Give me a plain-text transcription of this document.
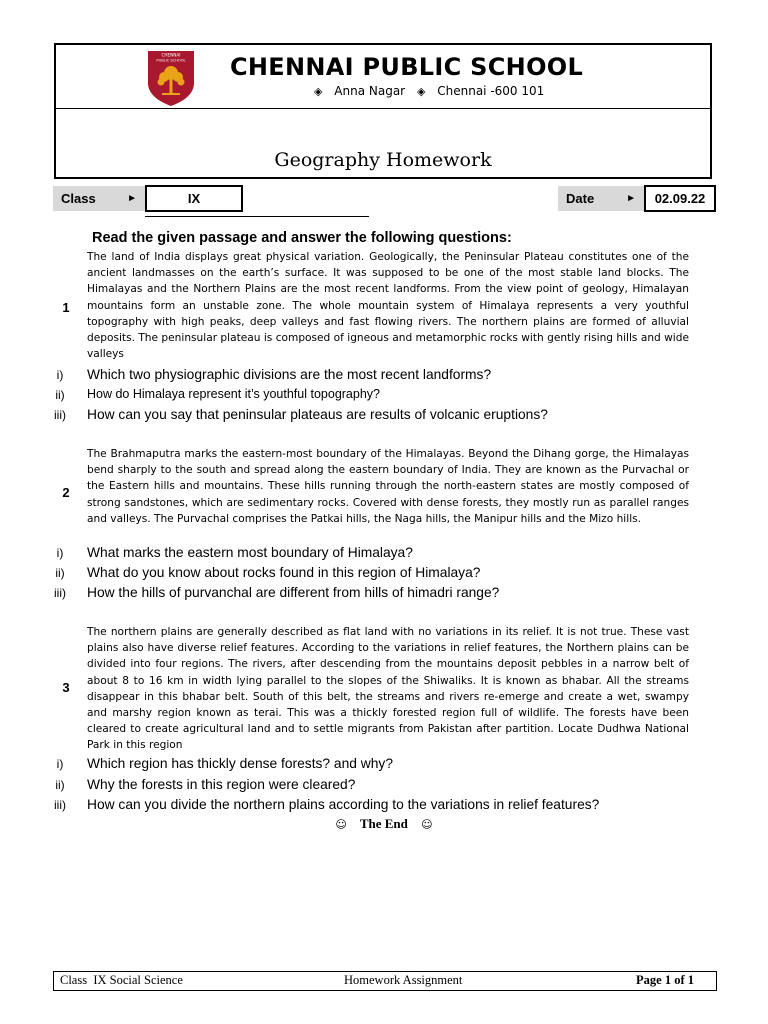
CHENNAI
PUBLIC SCHOOL CHENNAI PUBLIC SCHOOL
◈ Anna Nagar ◈ Chennai -600 101
Geography Homework
Class	►	IX	Date	►	02.09.22
Read the given passage and answer the following questions:
1
The land of India displays great physical variation. Geologically, the Peninsular Plateau constitutes one of the ancient landmasses on the earth’s surface. It was supposed to be one of the most stable land blocks. The Himalayas and the Northern Plains are the most recent landforms. From the view point of geology, Himalayan mountains form an unstable zone. The whole mountain system of Himalaya represents a very youthful topography with high peaks, deep valleys and fast flowing rivers. The northern plains are formed of alluvial deposits. The peninsular plateau is composed of igneous and metamorphic rocks with gently rising hills and wide valleys
i)	Which two physiographic divisions are the most recent landforms?
ii)	How do Himalaya represent it’s youthful topography?
iii)	How can you say that peninsular plateaus are results of volcanic eruptions?
2
The Brahmaputra marks the eastern-most boundary of the Himalayas. Beyond the Dihang gorge, the Himalayas bend sharply to the south and spread along the eastern boundary of India. They are known as the Purvachal or the Eastern hills and mountains. These hills running through the north-eastern states are mostly composed of strong sandstones, which are sedimentary rocks. Covered with dense forests, they mostly run as parallel ranges and valleys. The Purvachal comprises the Patkai hills, the Naga hills, the Manipur hills and the Mizo hills.
i)	What marks the eastern most boundary of Himalaya?
ii)	What do you know about rocks found in this region of Himalaya?
iii)	How the hills of purvanchal are different from hills of himadri range?
3
The northern plains are generally described as flat land with no variations in its relief. It is not true. These vast plains also have diverse relief features. According to the variations in relief features, the Northern plains can be divided into four regions. The rivers, after descending from the mountains deposit pebbles in a narrow belt of about 8 to 16 km in width lying parallel to the slopes of the Shiwaliks. It is known as bhabar. All the streams disappear in this bhabar belt. South of this belt, the streams and rivers re-emerge and create a wet, swampy and marshy region known as terai. This was a thickly forested region full of wildlife. The forests have been cleared to create agricultural land and to settle migrants from Pakistan after partition. Locate Dudhwa National Park in this region
i)	Which region has thickly dense forests? and why?
ii)	Why the forests in this region were cleared?
iii)	How can you divide the northern plains according to the variations in relief features?
☺ The End ☺
Class  IX Social Science	Homework Assignment	Page 1 of 1
